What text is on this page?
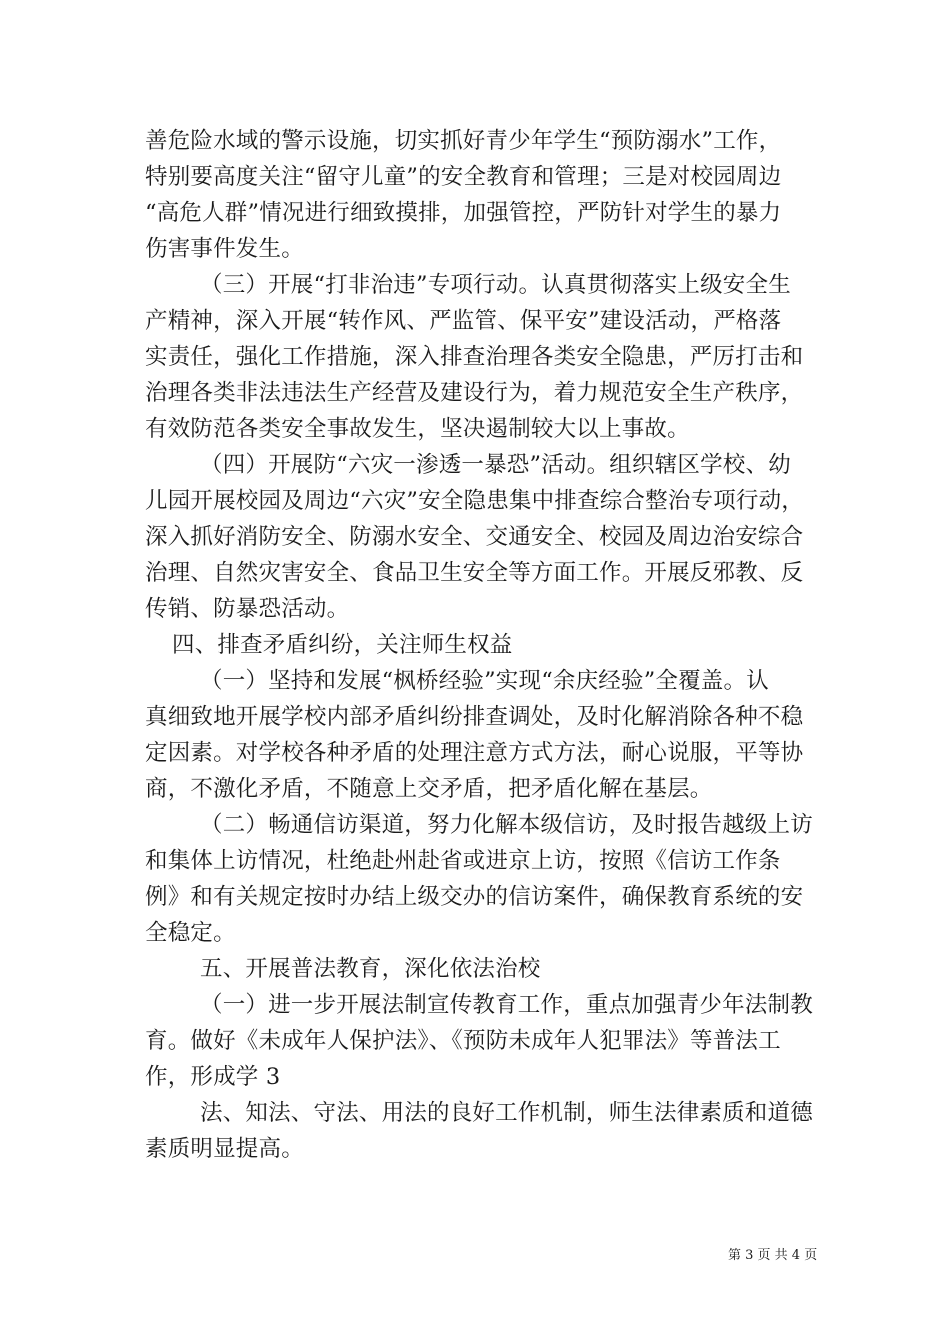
善危险水域的警示设施，切实抓好青少年学生“预防溺水”工作，
特别要高度关注“留守儿童”的安全教育和管理；三是对校园周边
“高危人群”情况进行细致摸排，加强管控，严防针对学生的暴力
伤害事件发生。
（三）开展“打非治违”专项行动。认真贯彻落实上级安全生
产精神，深入开展“转作风、严监管、保平安”建设活动，严格落
实责任，强化工作措施，深入排查治理各类安全隐患，严厉打击和
治理各类非法违法生产经营及建设行为，着力规范安全生产秩序，
有效防范各类安全事故发生，坚决遏制较大以上事故。
（四）开展防“六灾一渗透一暴恐”活动。组织辖区学校、幼
儿园开展校园及周边“六灾”安全隐患集中排查综合整治专项行动，
深入抓好消防安全、防溺水安全、交通安全、校园及周边治安综合
治理、自然灾害安全、食品卫生安全等方面工作。开展反邪教、反
传销、防暴恐活动。
四、排查矛盾纠纷，关注师生权益
（一）坚持和发展“枫桥经验”实现“余庆经验”全覆盖。认
真细致地开展学校内部矛盾纠纷排查调处，及时化解消除各种不稳
定因素。对学校各种矛盾的处理注意方式方法，耐心说服，平等协
商，不激化矛盾，不随意上交矛盾，把矛盾化解在基层。
（二）畅通信访渠道，努力化解本级信访，及时报告越级上访
和集体上访情况，杜绝赴州赴省或进京上访，按照《信访工作条
例》和有关规定按时办结上级交办的信访案件，确保教育系统的安
全稳定。
五、开展普法教育，深化依法治校
（一）进一步开展法制宣传教育工作，重点加强青少年法制教
育。做好《未成年人保护法》、《预防未成年人犯罪法》等普法工
作，形成学 3
法、知法、守法、用法的良好工作机制，师生法律素质和道德
素质明显提高。
第 3 页 共 4 页
